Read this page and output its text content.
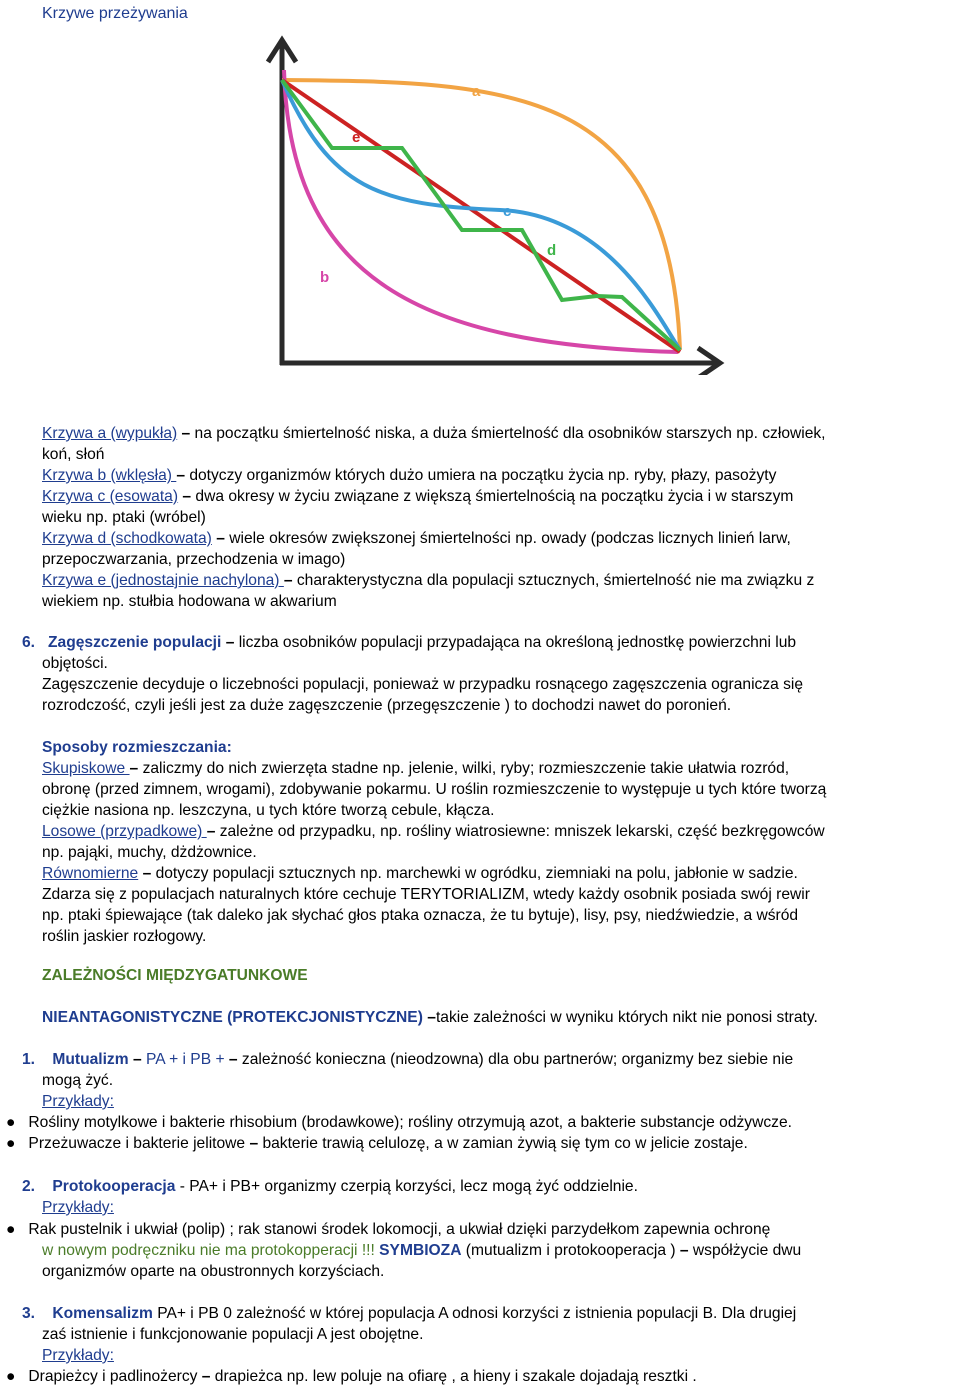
Krzywe przeżywania
a
e
c
d
b
Krzywa a (wypukła) – na początku śmiertelność niska, a duża śmiertelność dla osobników starszych np. człowiek,
koń, słoń
Krzywa b (wklęsła) – dotyczy organizmów których dużo umiera na początku życia np. ryby, płazy, pasożyty
Krzywa c (esowata) – dwa okresy w życiu związane z większą śmiertelnością na początku życia i w starszym
wieku np. ptaki (wróbel)
Krzywa d (schodkowata) – wiele okresów zwiększonej śmiertelności np. owady (podczas licznych linień larw,
przepoczwarzania, przechodzenia w imago)
Krzywa e (jednostajnie nachylona) – charakterystyczna dla populacji sztucznych, śmiertelność nie ma związku z
wiekiem np. stułbia hodowana w akwarium
6. Zagęszczenie populacji – liczba osobników populacji przypadająca na określoną jednostkę powierzchni lub
objętości.
Zagęszczenie decyduje o liczebności populacji, ponieważ w przypadku rosnącego zagęszczenia ogranicza się
rozrodczość, czyli jeśli jest za duże zagęszczenie (przegęszczenie ) to dochodzi nawet do poronień.
Sposoby rozmieszczania:
Skupiskowe – zaliczmy do nich zwierzęta stadne np. jelenie, wilki, ryby; rozmieszczenie takie ułatwia rozród,
obronę (przed zimnem, wrogami), zdobywanie pokarmu. U roślin rozmieszczenie to występuje u tych które tworzą
ciężkie nasiona np. leszczyna, u tych które tworzą cebule, kłącza.
Losowe (przypadkowe) – zależne od przypadku, np. rośliny wiatrosiewne: mniszek lekarski, część bezkręgowców
np. pająki, muchy, dżdżownice.
Równomierne – dotyczy populacji sztucznych np. marchewki w ogródku, ziemniaki na polu, jabłonie w sadzie.
Zdarza się z populacjach naturalnych które cechuje TERYTORIALIZM, wtedy każdy osobnik posiada swój rewir
np. ptaki śpiewające (tak daleko jak słychać głos ptaka oznacza, że tu bytuje), lisy, psy, niedźwiedzie, a wśród
roślin jaskier rozłogowy.
ZALEŻNOŚCI MIĘDZYGATUNKOWE
NIEANTAGONISTYCZNE (PROTEKCJONISTYCZNE) –takie zależności w wyniku których nikt nie ponosi straty.
1. Mutualizm – PA + i PB + – zależność konieczna (nieodzowna) dla obu partnerów; organizmy bez siebie nie
mogą żyć.
Przykłady:
● Rośliny motylkowe i bakterie rhisobium (brodawkowe); rośliny otrzymują azot, a bakterie substancje odżywcze.
● Przeżuwacze i bakterie jelitowe – bakterie trawią celulozę, a w zamian żywią się tym co w jelicie zostaje.
2. Protokooperacja - PA+ i PB+ organizmy czerpią korzyści, lecz mogą żyć oddzielnie.
Przykłady:
● Rak pustelnik i ukwiał (polip) ; rak stanowi środek lokomocji, a ukwiał dzięki parzydełkom zapewnia ochronę
w nowym podręczniku nie ma protokopperacji !!! SYMBIOZA (mutualizm i protokooperacja ) – współżycie dwu
organizmów oparte na obustronnych korzyściach.
3. Komensalizm PA+ i PB 0 zależność w której populacja A odnosi korzyści z istnienia populacji B. Dla drugiej
zaś istnienie i funkcjonowanie populacji A jest obojętne.
Przykłady:
● Drapieżcy i padlinożercy – drapieżca np. lew poluje na ofiarę , a hieny i szakale dojadają resztki .
